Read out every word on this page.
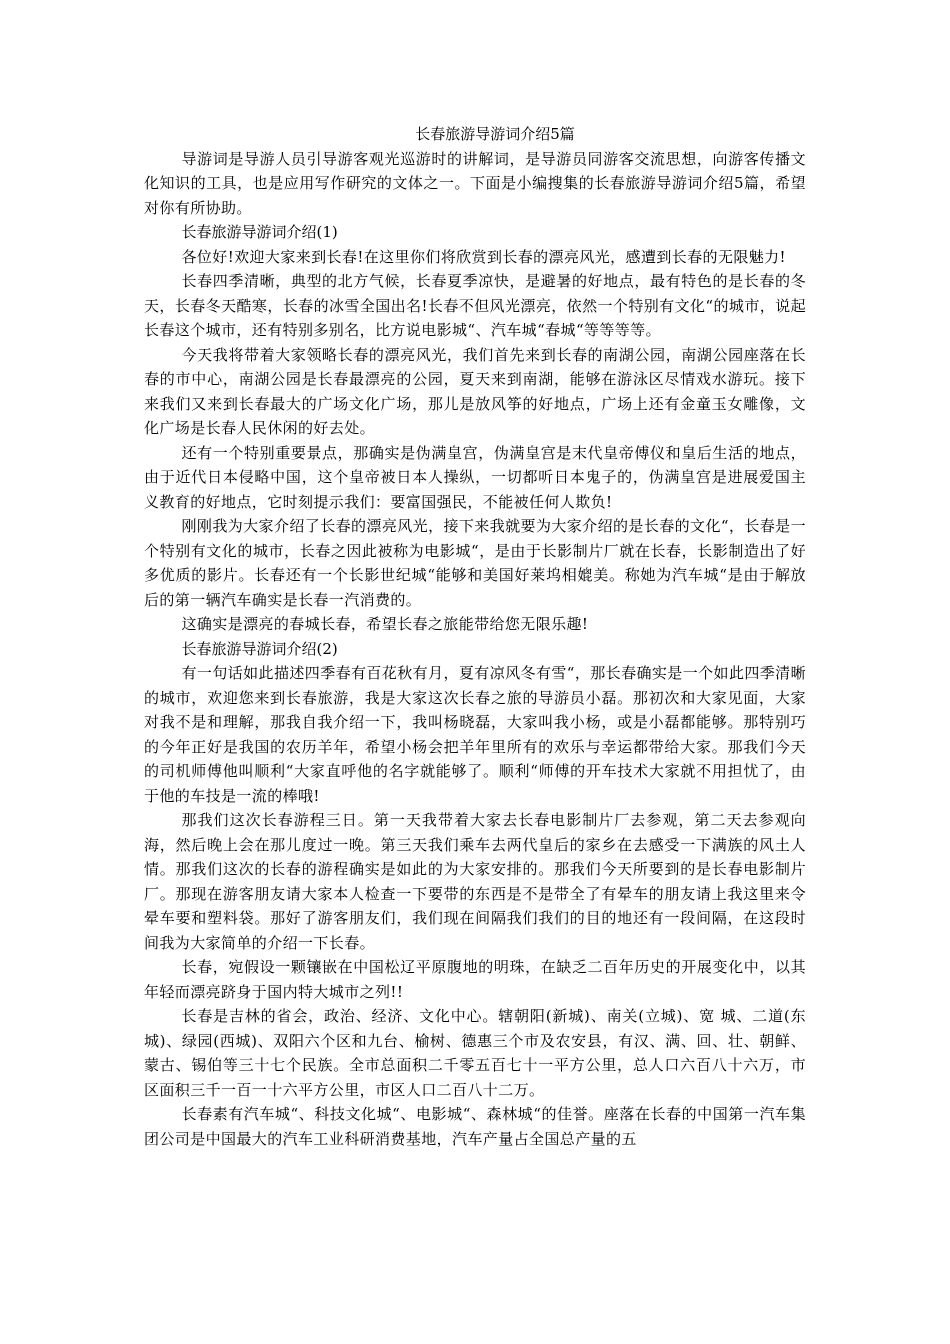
长春旅游导游词介绍5篇

导游词是导游人员引导游客观光巡游时的讲解词，是导游员同游客交流思想，向游客传播文化知识的工具，也是应用写作研究的文体之一。下面是小编搜集的长春旅游导游词介绍5篇，希望对你有所协助。

长春旅游导游词介绍(1)

各位好!欢迎大家来到长春!在这里你们将欣赏到长春的漂亮风光，感遭到长春的无限魅力!

长春四季清晰，典型的北方气候，长春夏季凉快，是避暑的好地点，最有特色的是长春的冬天，长春冬天酷寒，长春的冰雪全国出名!长春不但风光漂亮，依然一个特别有文化“的城市，说起长春这个城市，还有特别多别名，比方说电影城“、汽车城“春城“等等等等。

今天我将带着大家领略长春的漂亮风光，我们首先来到长春的南湖公园，南湖公园座落在长春的市中心，南湖公园是长春最漂亮的公园，夏天来到南湖，能够在游泳区尽情戏水游玩。接下来我们又来到长春最大的广场文化广场，那儿是放风筝的好地点，广场上还有金童玉女雕像，文化广场是长春人民休闲的好去处。

还有一个特别重要景点，那确实是伪满皇宫，伪满皇宫是末代皇帝傅仪和皇后生活的地点，由于近代日本侵略中国，这个皇帝被日本人操纵，一切都听日本鬼子的，伪满皇宫是进展爱国主义教育的好地点，它时刻提示我们：要富国强民，不能被任何人欺负!

刚刚我为大家介绍了长春的漂亮风光，接下来我就要为大家介绍的是长春的文化“，长春是一个特别有文化的城市，长春之因此被称为电影城“，是由于长影制片厂就在长春，长影制造出了好多优质的影片。长春还有一个长影世纪城“能够和美国好莱坞相媲美。称她为汽车城“是由于解放后的第一辆汽车确实是长春一汽消费的。

这确实是漂亮的春城长春，希望长春之旅能带给您无限乐趣!

长春旅游导游词介绍(2)

有一句话如此描述四季春有百花秋有月，夏有凉风冬有雪“，那长春确实是一个如此四季清晰的城市，欢迎您来到长春旅游，我是大家这次长春之旅的导游员小磊。那初次和大家见面，大家对我不是和理解，那我自我介绍一下，我叫杨晓磊，大家叫我小杨，或是小磊都能够。那特别巧的今年正好是我国的农历羊年，希望小杨会把羊年里所有的欢乐与幸运都带给大家。那我们今天的司机师傅他叫顺利“大家直呼他的名字就能够了。顺利“师傅的开车技术大家就不用担忧了，由于他的车技是一流的棒哦!

那我们这次长春游程三日。第一天我带着大家去长春电影制片厂去参观，第二天去参观向海，然后晚上会在那儿度过一晚。第三天我们乘车去两代皇后的家乡在去感受一下满族的风土人情。那我们这次的长春的游程确实是如此的为大家安排的。那我们今天所要到的是长春电影制片厂。那现在游客朋友请大家本人检查一下要带的东西是不是带全了有晕车的朋友请上我这里来令晕车要和塑料袋。那好了游客朋友们，我们现在间隔我们我们的目的地还有一段间隔，在这段时间我为大家简单的介绍一下长春。

长春，宛假设一颗镶嵌在中国松辽平原腹地的明珠，在缺乏二百年历史的开展变化中，以其年轻而漂亮跻身于国内特大城市之列!!

长春是吉林的省会，政治、经济、文化中心。辖朝阳(新城)、南关(立城)、宽 城、二道(东城)、绿园(西城)、双阳六个区和九台、榆树、德惠三个市及农安县，有汉、满、回、壮、朝鲜、蒙古、锡伯等三十七个民族。全市总面积二千零五百七十一平方公里，总人口六百八十六万，市区面积三千一百一十六平方公里，市区人口二百八十二万。

长春素有汽车城“、科技文化城“、电影城“、森林城“的佳誉。座落在长春的中国第一汽车集团公司是中国最大的汽车工业科研消费基地，汽车产量占全国总产量的五
